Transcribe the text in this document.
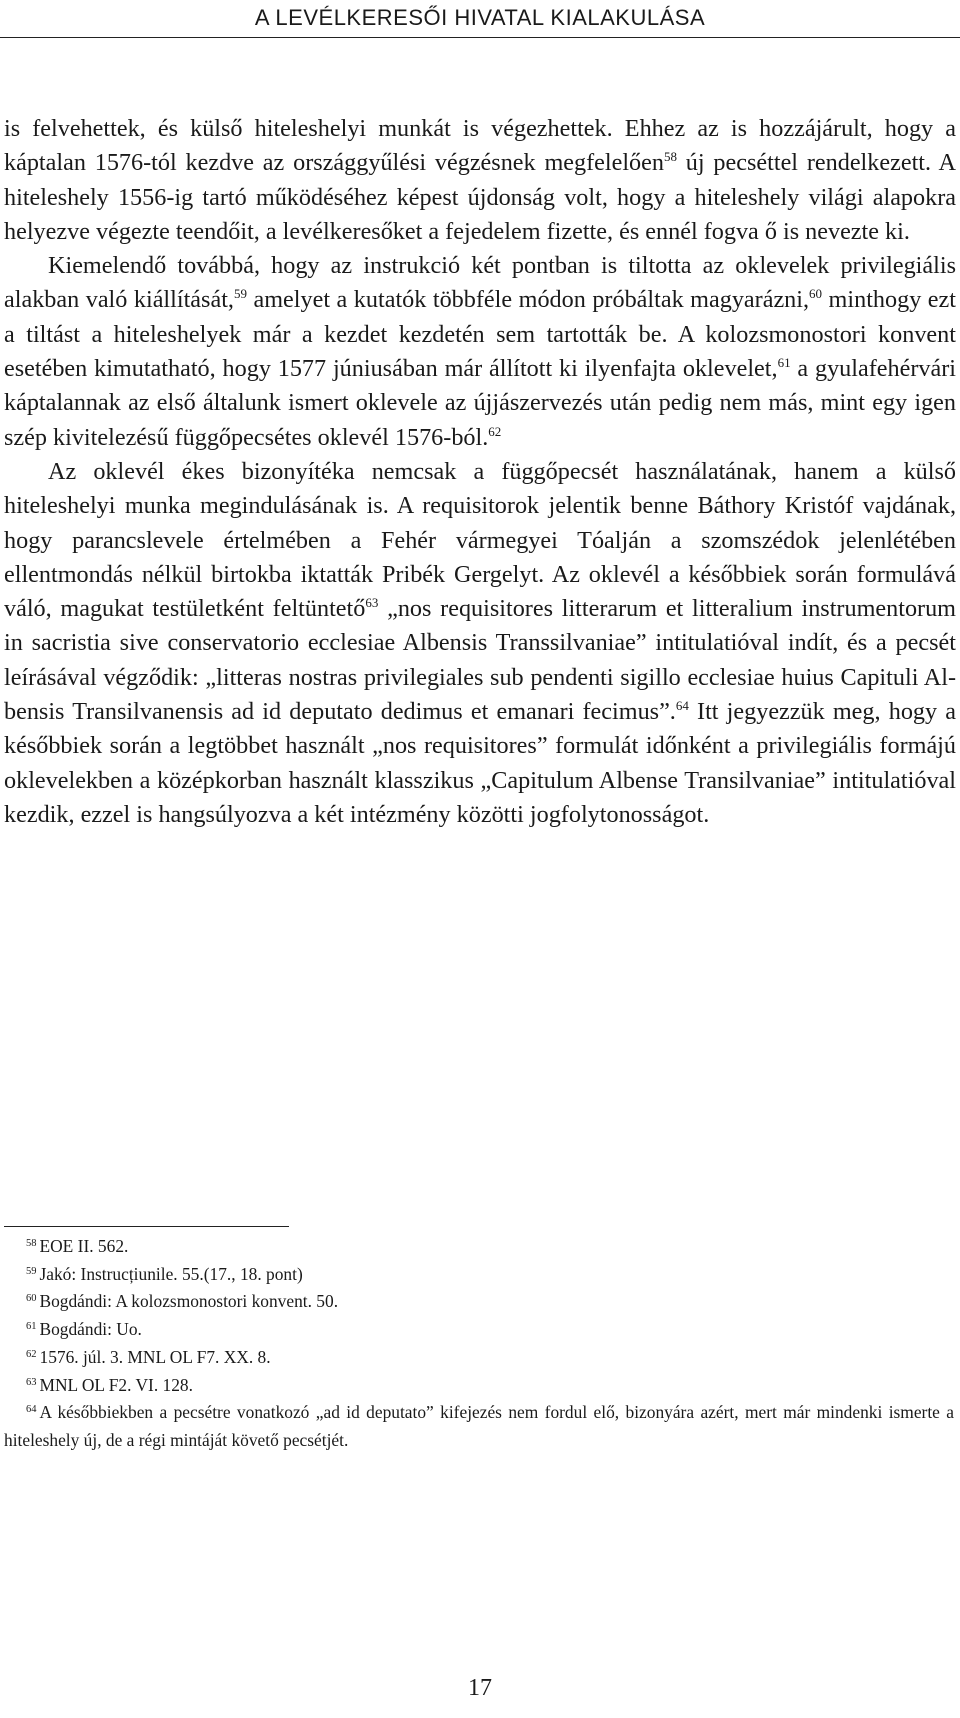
A LEVÉLKERESŐI HIVATAL KIALAKULÁSA

is felvehettek, és külső hiteleshelyi munkát is végezhettek. Ehhez az is hozzájárult, hogy a káptalan 1576-tól kezdve az országgyűlési végzésnek megfelelően$^{58}$ új pecséttel rendelkezett. A hiteleshely 1556-ig tartó működéséhez képest újdonság volt, hogy a hiteleshely világi alapokra helyezve végezte teendőit, a levélkeresőket a fejedelem fizette, és ennél fogva ő is nevezte ki.

Kiemelendő továbbá, hogy az instrukció két pontban is tiltotta az oklevelek privilegiális alakban való kiállítását,$^{59}$ amelyet a kutatók többféle módon próbáltak magyarázni,$^{60}$ minthogy ezt a tiltást a hiteleshelyek már a kezdet kezdetén sem tartották be. A kolozsmonostori konvent esetében kimutatható, hogy 1577 júniusában már állított ki ilyenfajta oklevelet,$^{61}$ a gyulafehérvári káptalannak az első általunk ismert oklevele az újjászervezés után pedig nem más, mint egy igen szép kivitelezésű függőpecsétes oklevél 1576-ból.$^{62}$

Az oklevél ékes bizonyítéka nemcsak a függőpecsét használatának, hanem a külső hiteleshelyi munka megindulásának is. A requisitorok jelentik benne Báthory Kristóf vajdának, hogy parancslevele értelmében a Fehér vármegyei Tóalján a szomszédok jelenlétében ellentmondás nélkül birtokba iktatták Pribék Gergelyt. Az oklevél a későbbiek során formulává váló, magukat testületként feltüntető$^{63}$ „nos requisitores litterarum et litteralium instrumentorum in sacristia sive conservatorio ecclesiae Albensis Transsilvaniae” intitulatióval indít, és a pecsét leírásával végződik: „litteras nostras privilegiales sub pendenti sigillo ecclesiae huius Capituli Albensis Transilvanensis ad id deputato dedimus et emanari fecimus”.$^{64}$ Itt jegyezzük meg, hogy a későbbiek során a legtöbbet használt „nos requisitores” formulát időnként a privilegiális formájú oklevelekben a középkorban használt klasszikus „Capitulum Albense Transilvaniae” intitulatióval kezdik, ezzel is hangsúlyozva a két intézmény közötti jogfolytonosságot.

$^{58}$ EOE II. 562.

$^{59}$ Jakó: Instrucțiunile. 55.(17., 18. pont)

$^{60}$ Bogdándi: A kolozsmonostori konvent. 50.

$^{61}$ Bogdándi: Uo.

$^{62}$ 1576. júl. 3. MNL OL F7. XX. 8.

$^{63}$ MNL OL F2. VI. 128.

$^{64}$ A későbbiekben a pecsétre vonatkozó „ad id deputato” kifejezés nem fordul elő, bizonyára azért, mert már mindenki ismerte a hiteleshely új, de a régi mintáját követő pecsétjét.

17
